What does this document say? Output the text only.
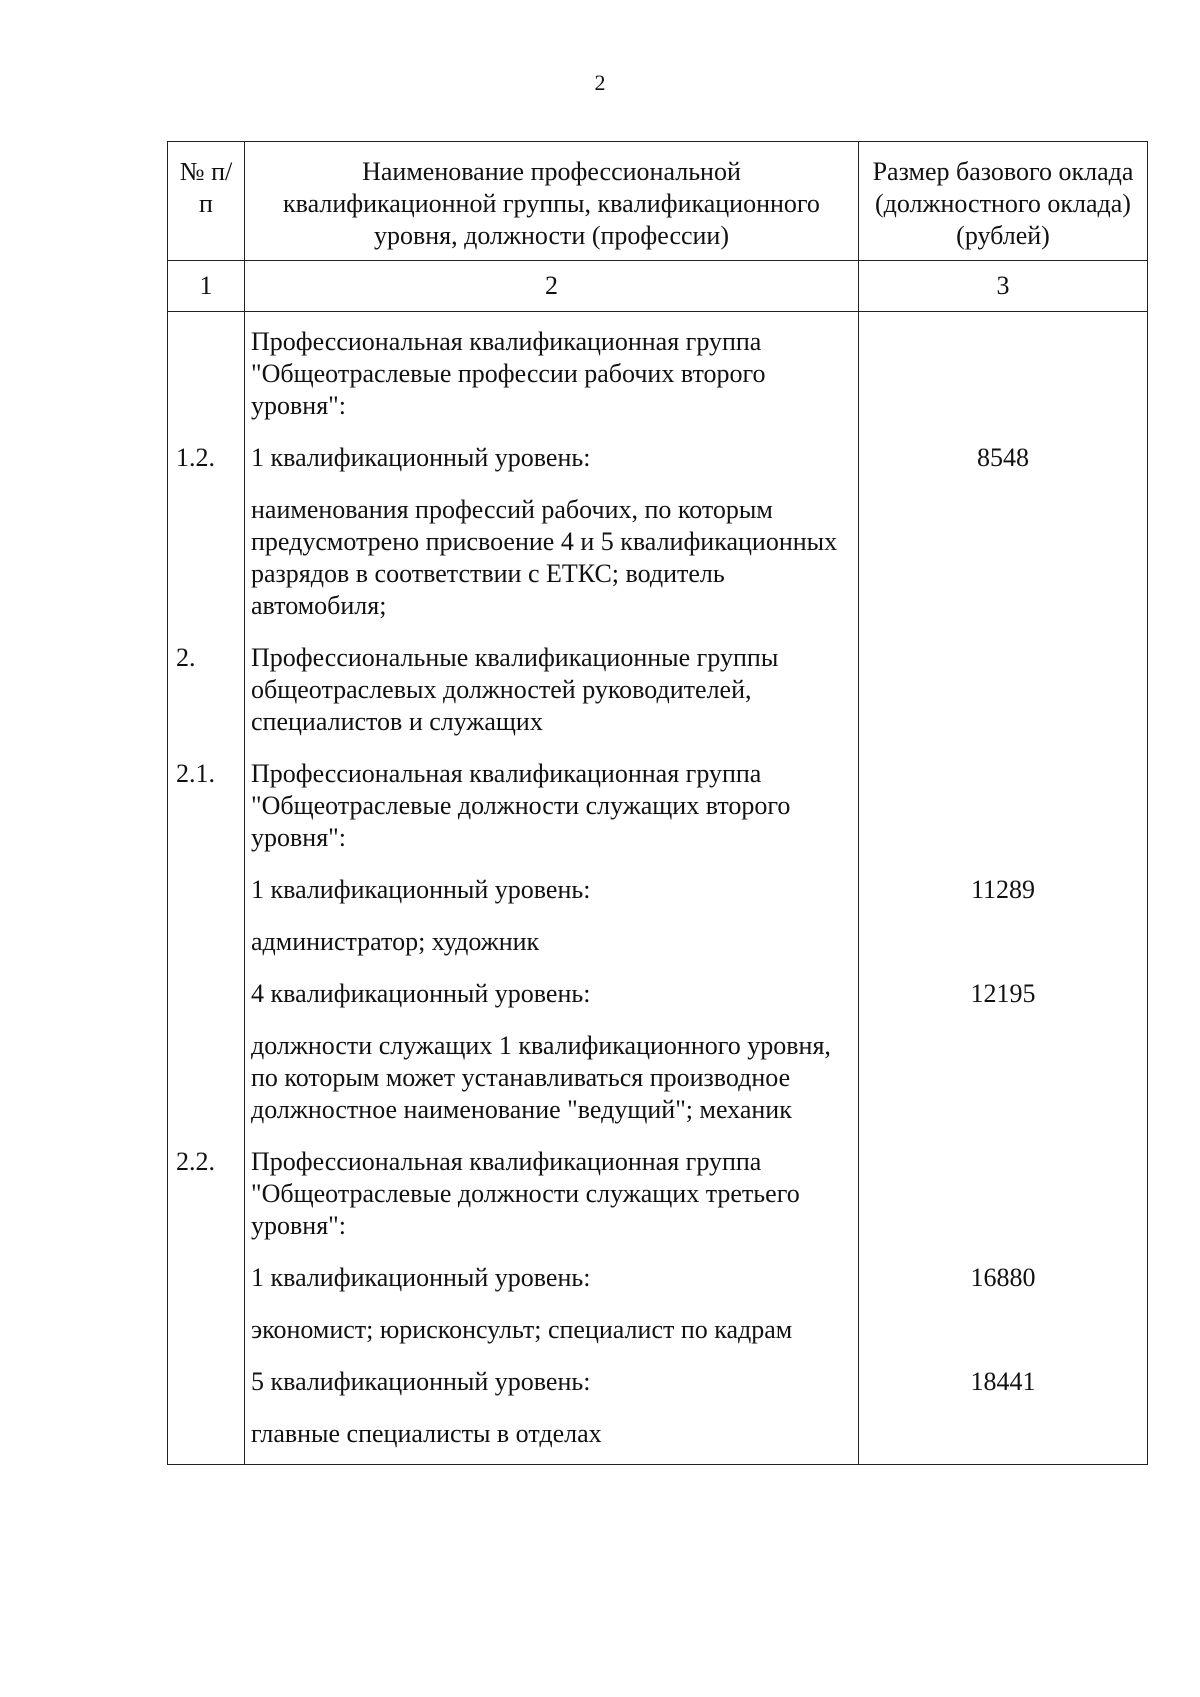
2
№ п/п	Наименование профессиональной квалификационной группы, квалификационного уровня, должности (профессии)	Размер базового оклада (должностного оклада) (рублей)
1	2	3
	Профессиональная квалификационная группа "Общеотраслевые профессии рабочих второго уровня":	
1.2.	1 квалификационный уровень:	8548
	наименования профессий рабочих, по которым предусмотрено присвоение 4 и 5 квалификационных разрядов в соответствии с ЕТКС; водитель автомобиля;	
2.	Профессиональные квалификационные группы общеотраслевых должностей руководителей, специалистов и служащих	
2.1.	Профессиональная квалификационная группа "Общеотраслевые должности служащих второго уровня":	
	1 квалификационный уровень:	11289
	администратор; художник	
	4 квалификационный уровень:	12195
	должности служащих 1 квалификационного уровня, по которым может устанавливаться производное должностное наименование "ведущий"; механик	
2.2.	Профессиональная квалификационная группа "Общеотраслевые должности служащих третьего уровня":	
	1 квалификационный уровень:	16880
	экономист; юрисконсульт; специалист по кадрам	
	5 квалификационный уровень:	18441
	главные специалисты в отделах	
